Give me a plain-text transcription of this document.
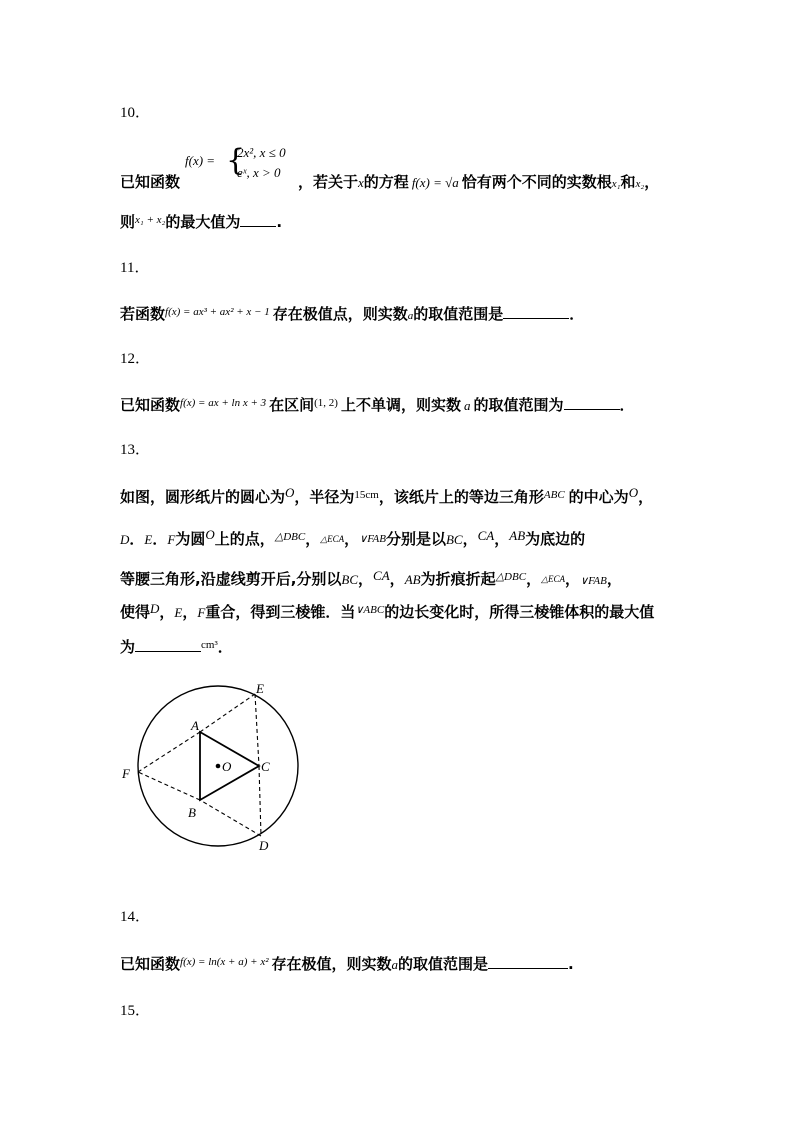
10．
f(x) = {
2x², x ≤ 0
eˣ, x > 0
已知函数	，若关于x的方程 f(x) = √a 恰有两个不同的实数根x₁和x₂，
则$^{x_1 + x_2}$的最大值为 .
11．
若函数$^{f(x) = ax^3 + ax^2 + x - 1}$ 存在极值点，则实数a的取值范围是	．
12．
已知函数$^{f(x) = ax + ln x + 3}$ 在区间$^{(1, 2)}$ 上不单调，则实数 a 的取值范围为	．
13．
如图，圆形纸片的圆心为O，半径为$^{15cm}$，该纸片上的等边三角形$^{ABC}$ 的中心为O，
D．E．F为圆O上的点，$^{\triangle DBC}$，△ECA，∨FAB分别是以BC，CA，AB为底边的
等腰三角形,沿虚线剪开后,分别以BC，CA，AB为折痕折起$^{\triangle DBC}$，△ECA，∨FAB，
使得D，E，F重合，得到三棱锥．当$^{\vee ABC}$的边长变化时，所得三棱锥体积的最大值
为	$^{cm^3}$．
E
A
O C
F
B
D
14．
已知函数$^{f(x) = ln(x + a) + x^2}$ 存在极值，则实数a的取值范围是	.
15．
